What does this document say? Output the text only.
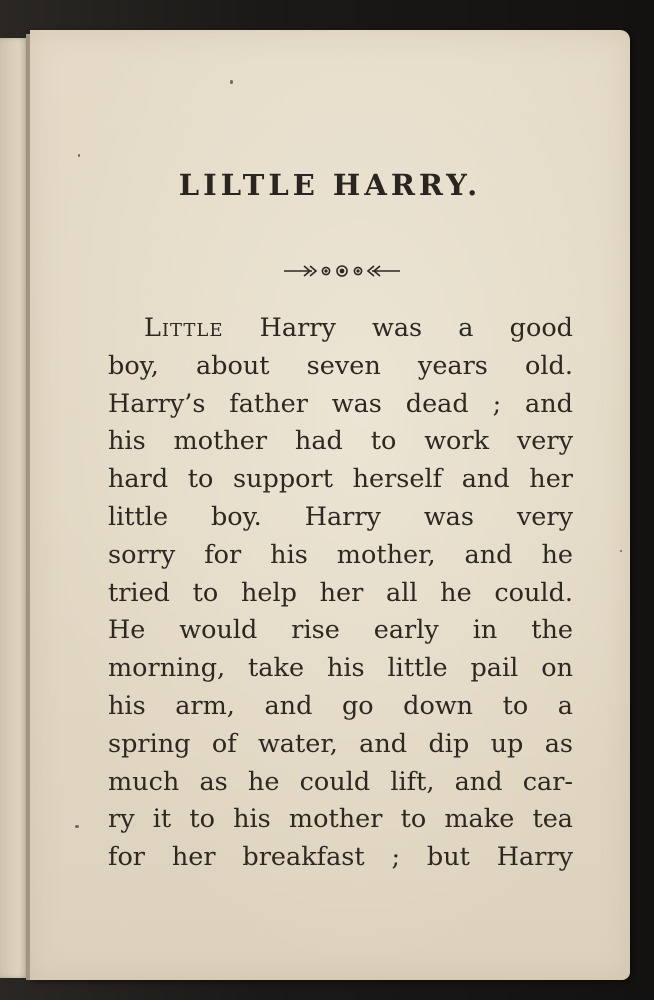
LILTLE HARRY.
Little Harry was a good
boy, about seven years old.
Harry’s father was dead ; and
his mother had to work very
hard to support herself and her
little boy. Harry was very
sorry for his mother, and he
tried to help her all he could.
He would rise early in the
morning, take his little pail on
his arm, and go down to a
spring of water, and dip up as
much as he could lift, and car-
ry it to his mother to make tea
for her breakfast ; but Harry
